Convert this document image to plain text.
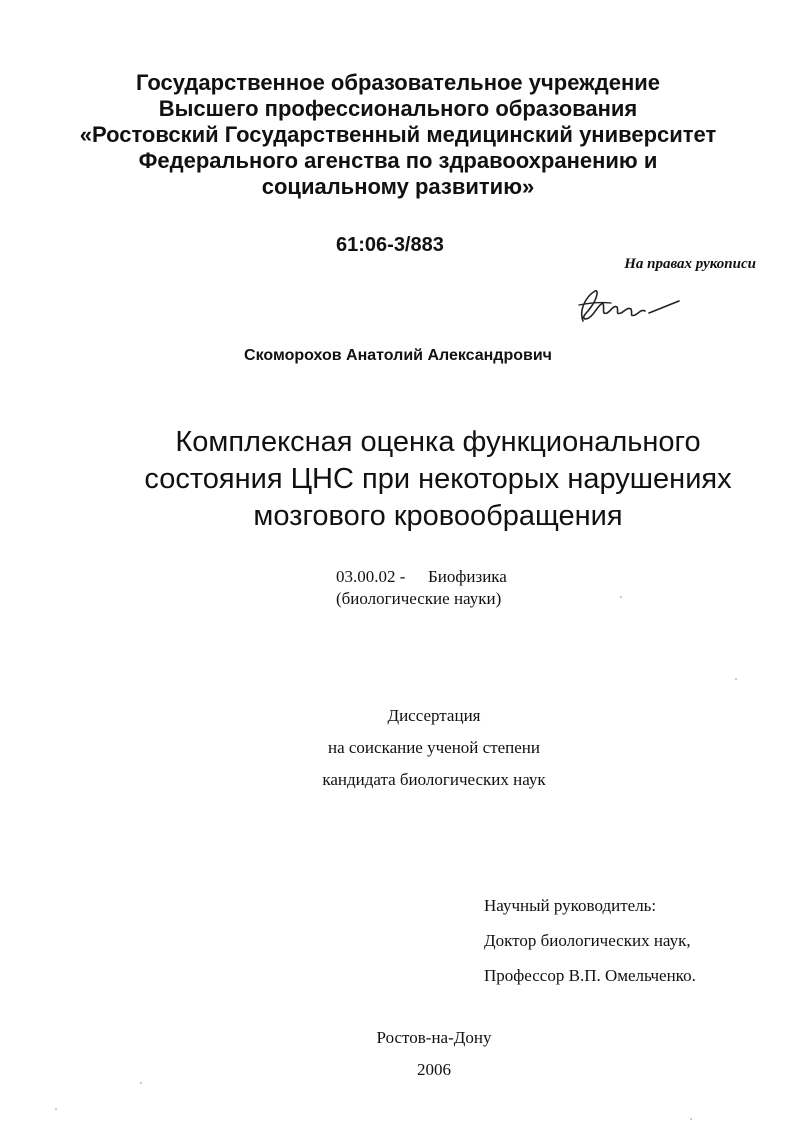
Государственное образовательное учреждение
Высшего профессионального образования
«Ростовский Государственный медицинский университет
Федерального агенства по здравоохранению и
социальному развитию»
61:06-3/883
На правах рукописи
Скоморохов Анатолий Александрович
Комплексная оценка функционального
состояния ЦНС при некоторых нарушениях
мозгового кровообращения
03.00.02 - Биофизика
(биологические науки)
Диссертация
на соискание ученой степени
кандидата биологических наук
Научный руководитель:
Доктор биологических наук,
Профессор В.П. Омельченко.
Ростов-на-Дону
2006
